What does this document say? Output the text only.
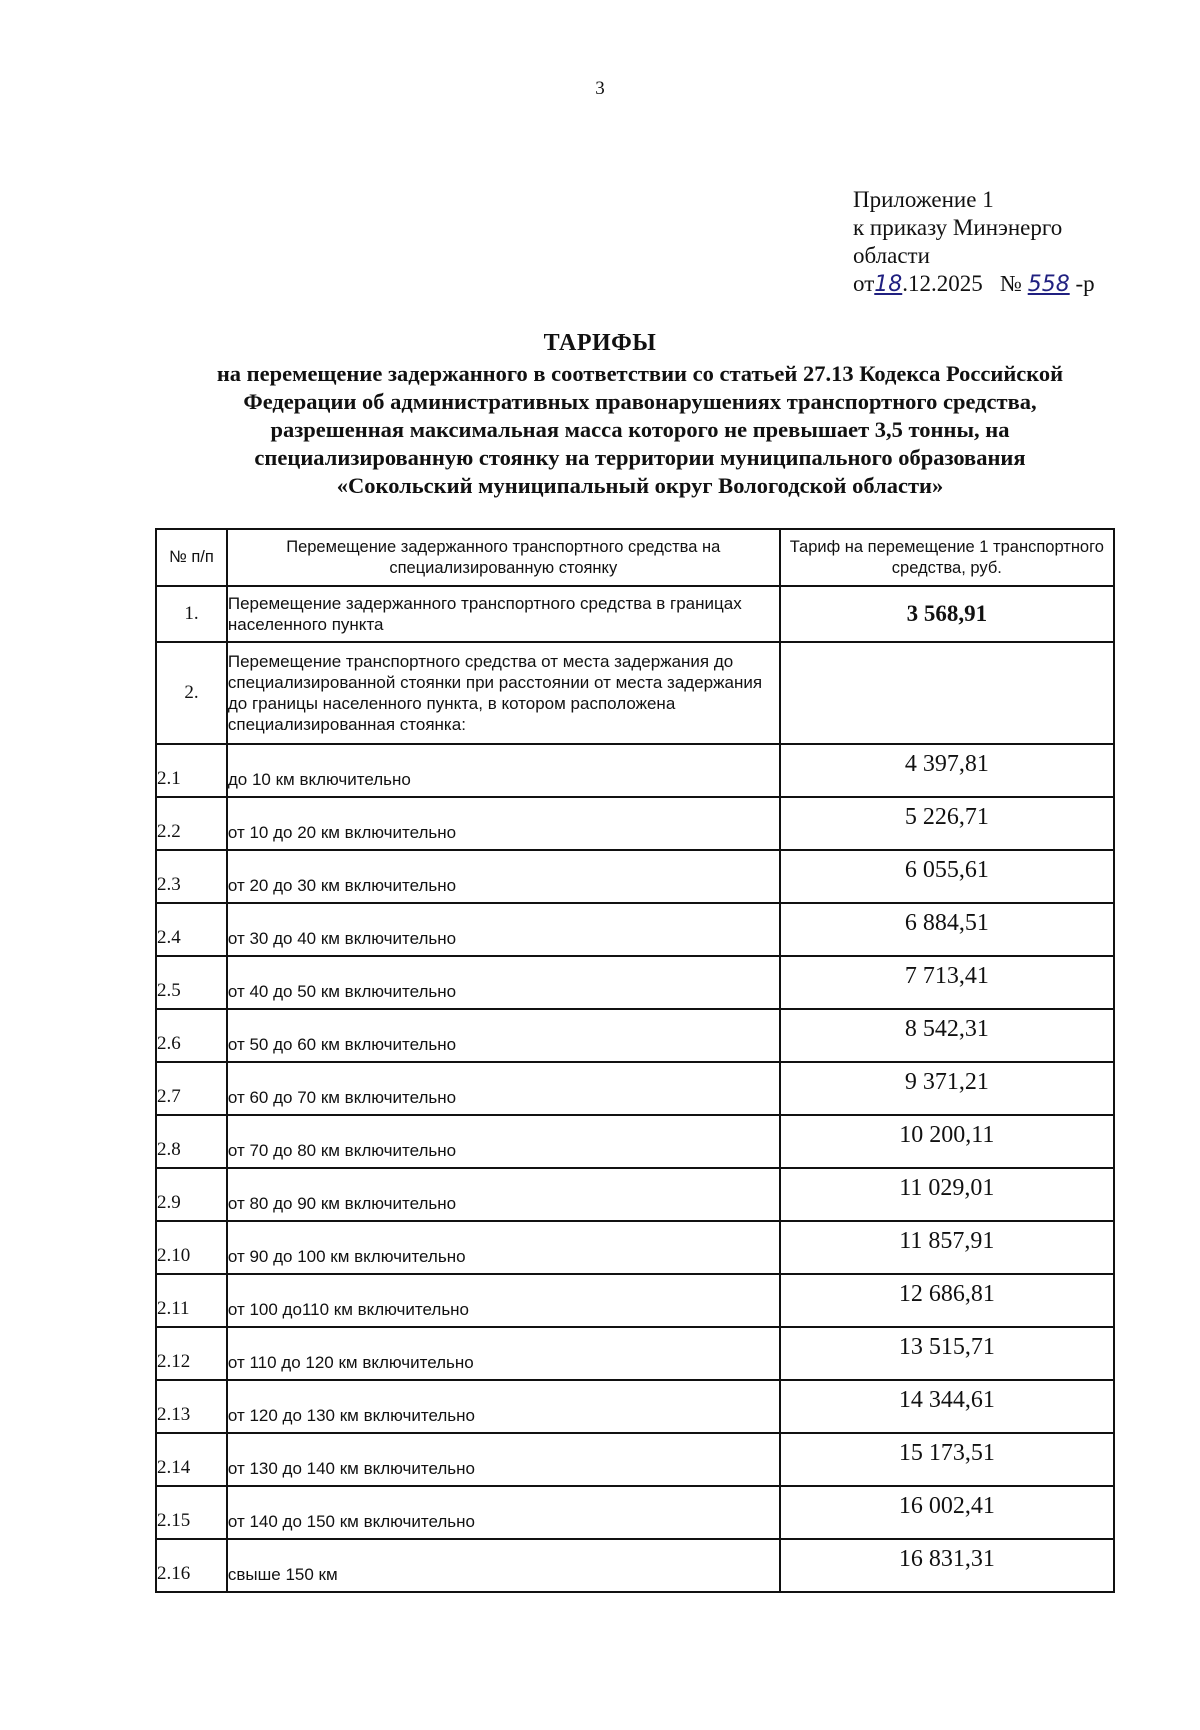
3
Приложение 1
к приказу Минэнерго
области
от18.12.2025 № 558 -р
ТАРИФЫ
на перемещение задержанного в соответствии со статьей 27.13 Кодекса Российской
Федерации об административных правонарушениях транспортного средства,
разрешенная максимальная масса которого не превышает 3,5 тонны, на
специализированную стоянку на территории муниципального образования
«Сокольский муниципальный округ Вологодской области»
№ п/п	Перемещение задержанного транспортного средства на специализированную стоянку	Тариф на перемещение 1 транспортного средства, руб.
1.	Перемещение задержанного транспортного средства в границах населенного пункта	3 568,91
2.	Перемещение транспортного средства от места задержания до специализированной стоянки при расстоянии от места задержания до границы населенного пункта, в котором расположена специализированная стоянка:	
2.1	до 10 км включительно	4 397,81
2.2	от 10 до 20 км включительно	5 226,71
2.3	от 20 до 30 км включительно	6 055,61
2.4	от 30 до 40 км включительно	6 884,51
2.5	от 40 до 50 км включительно	7 713,41
2.6	от 50 до 60 км включительно	8 542,31
2.7	от 60 до 70 км включительно	9 371,21
2.8	от 70 до 80 км включительно	10 200,11
2.9	от 80 до 90 км включительно	11 029,01
2.10	от 90 до 100 км включительно	11 857,91
2.11	от 100 до110 км включительно	12 686,81
2.12	от 110 до 120 км включительно	13 515,71
2.13	от 120 до 130 км включительно	14 344,61
2.14	от 130 до 140 км включительно	15 173,51
2.15	от 140 до 150 км включительно	16 002,41
2.16	свыше 150 км	16 831,31
